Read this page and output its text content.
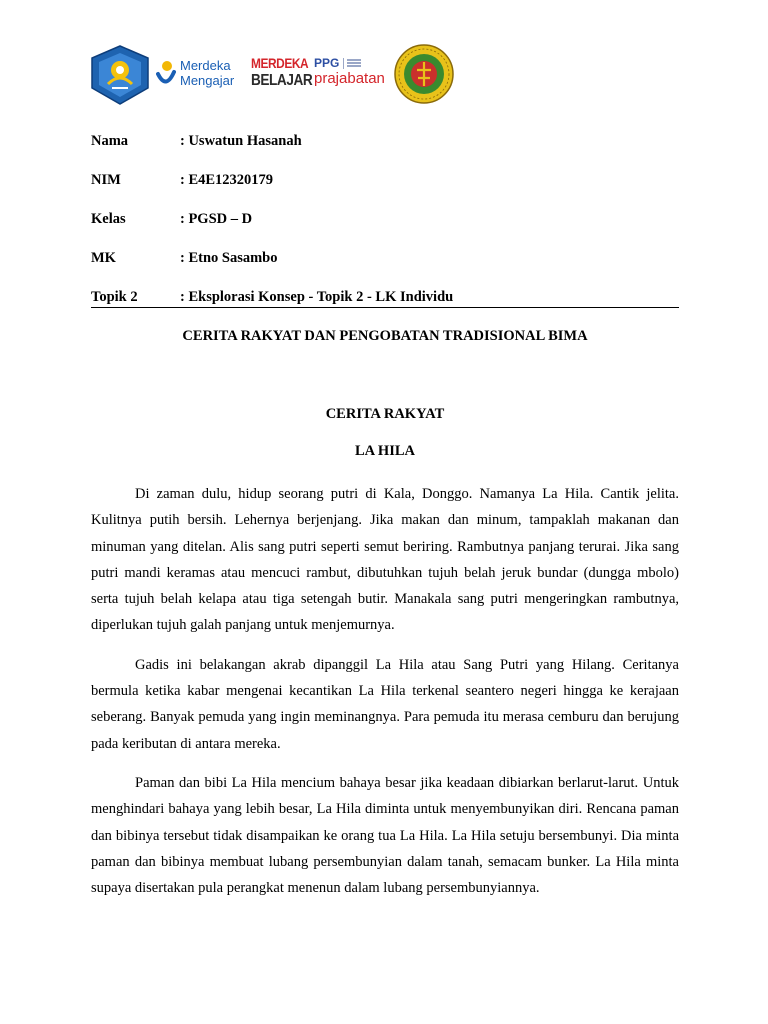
Merdeka
Mengajar
MERDEKA
BELAJAR
PPG
prajabatan
Nama	: Uswatun Hasanah
NIM	: E4E12320179
Kelas	: PGSD – D
MK	: Etno Sasambo
Topik 2	: Eksplorasi Konsep - Topik 2 - LK Individu
CERITA RAKYAT DAN PENGOBATAN TRADISIONAL BIMA
CERITA RAKYAT
LA HILA

Di zaman dulu, hidup seorang putri di Kala, Donggo. Namanya La Hila. Cantik jelita. Kulitnya putih bersih. Lehernya berjenjang. Jika makan dan minum, tampaklah makanan dan minuman yang ditelan. Alis sang putri seperti semut beriring. Rambutnya panjang terurai. Jika sang putri mandi keramas atau mencuci rambut, dibutuhkan tujuh belah jeruk bundar (dungga mbolo) serta tujuh belah kelapa atau tiga setengah butir. Manakala sang putri mengeringkan rambutnya, diperlukan tujuh galah panjang untuk menjemurnya.

Gadis ini belakangan akrab dipanggil La Hila atau Sang Putri yang Hilang. Ceritanya bermula ketika kabar mengenai kecantikan La Hila terkenal seantero negeri hingga ke kerajaan seberang. Banyak pemuda yang ingin meminangnya. Para pemuda itu merasa cemburu dan berujung pada keributan di antara mereka.

Paman dan bibi La Hila mencium bahaya besar jika keadaan dibiarkan berlarut-larut. Untuk menghindari bahaya yang lebih besar, La Hila diminta untuk menyembunyikan diri. Rencana paman dan bibinya tersebut tidak disampaikan ke orang tua La Hila. La Hila setuju bersembunyi. Dia minta paman dan bibinya membuat lubang persembunyian dalam tanah, semacam bunker. La Hila minta supaya disertakan pula perangkat menenun dalam lubang persembunyiannya.
